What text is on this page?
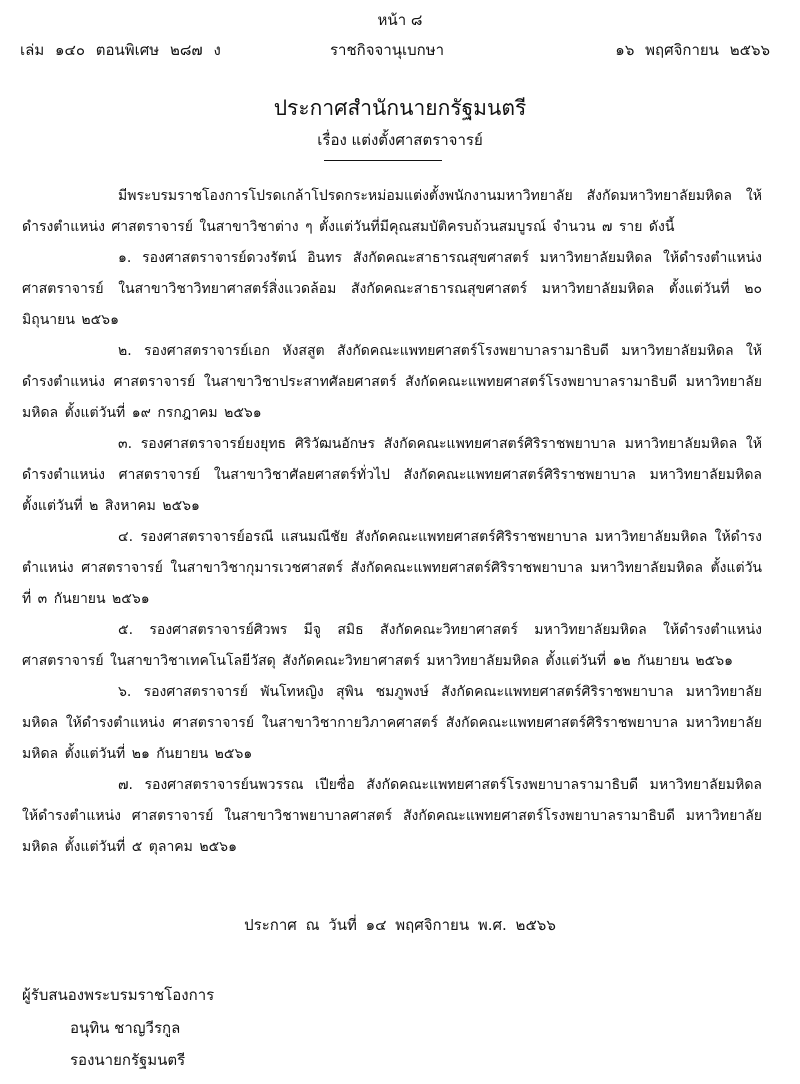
หน้า ๘
เล่ม ๑๔๐ ตอนพิเศษ ๒๘๗ ง	ราชกิจจานุเบกษา	๑๖ พฤศจิกายน ๒๕๖๖
ประกาศสำนักนายกรัฐมนตรี
เรื่อง แต่งตั้งศาสตราจารย์

มีพระบรมราชโองการโปรดเกล้าโปรดกระหม่อมแต่งตั้งพนักงานมหาวิทยาลัย สังกัดมหาวิทยาลัยมหิดล ให้ดำรงตำแหน่ง ศาสตราจารย์ ในสาขาวิชาต่าง ๆ ตั้งแต่วันที่มีคุณสมบัติครบถ้วนสมบูรณ์ จำนวน ๗ ราย ดังนี้

๑. รองศาสตราจารย์ดวงรัตน์ อินทร สังกัดคณะสาธารณสุขศาสตร์ มหาวิทยาลัยมหิดล ให้ดำรงตำแหน่ง ศาสตราจารย์ ในสาขาวิชาวิทยาศาสตร์สิ่งแวดล้อม สังกัดคณะสาธารณสุขศาสตร์ มหาวิทยาลัยมหิดล ตั้งแต่วันที่ ๒๐ มิถุนายน ๒๕๖๑

๒. รองศาสตราจารย์เอก หังสสูต สังกัดคณะแพทยศาสตร์โรงพยาบาลรามาธิบดี มหาวิทยาลัยมหิดล ให้ดำรงตำแหน่ง ศาสตราจารย์ ในสาขาวิชาประสาทศัลยศาสตร์ สังกัดคณะแพทยศาสตร์โรงพยาบาลรามาธิบดี มหาวิทยาลัยมหิดล ตั้งแต่วันที่ ๑๙ กรกฎาคม ๒๕๖๑

๓. รองศาสตราจารย์ยงยุทธ ศิริวัฒนอักษร สังกัดคณะแพทยศาสตร์ศิริราชพยาบาล มหาวิทยาลัยมหิดล ให้ดำรงตำแหน่ง ศาสตราจารย์ ในสาขาวิชาศัลยศาสตร์ทั่วไป สังกัดคณะแพทยศาสตร์ศิริราชพยาบาล มหาวิทยาลัยมหิดล ตั้งแต่วันที่ ๒ สิงหาคม ๒๕๖๑

๔. รองศาสตราจารย์อรณี แสนมณีชัย สังกัดคณะแพทยศาสตร์ศิริราชพยาบาล มหาวิทยาลัยมหิดล ให้ดำรงตำแหน่ง ศาสตราจารย์ ในสาขาวิชากุมารเวชศาสตร์ สังกัดคณะแพทยศาสตร์ศิริราชพยาบาล มหาวิทยาลัยมหิดล ตั้งแต่วันที่ ๓ กันยายน ๒๕๖๑

๕. รองศาสตราจารย์ศิวพร มีจู สมิธ สังกัดคณะวิทยาศาสตร์ มหาวิทยาลัยมหิดล ให้ดำรงตำแหน่ง ศาสตราจารย์ ในสาขาวิชาเทคโนโลยีวัสดุ สังกัดคณะวิทยาศาสตร์ มหาวิทยาลัยมหิดล ตั้งแต่วันที่ ๑๒ กันยายน ๒๕๖๑

๖. รองศาสตราจารย์ พันโทหญิง สุพิน ชมภูพงษ์ สังกัดคณะแพทยศาสตร์ศิริราชพยาบาล มหาวิทยาลัยมหิดล ให้ดำรงตำแหน่ง ศาสตราจารย์ ในสาขาวิชากายวิภาคศาสตร์ สังกัดคณะแพทยศาสตร์ศิริราชพยาบาล มหาวิทยาลัยมหิดล ตั้งแต่วันที่ ๒๑ กันยายน ๒๕๖๑

๗. รองศาสตราจารย์นพวรรณ เปียซื่อ สังกัดคณะแพทยศาสตร์โรงพยาบาลรามาธิบดี มหาวิทยาลัยมหิดล ให้ดำรงตำแหน่ง ศาสตราจารย์ ในสาขาวิชาพยาบาลศาสตร์ สังกัดคณะแพทยศาสตร์โรงพยาบาลรามาธิบดี มหาวิทยาลัยมหิดล ตั้งแต่วันที่ ๕ ตุลาคม ๒๕๖๑

ประกาศ ณ วันที่ ๑๔ พฤศจิกายน พ.ศ. ๒๕๖๖
ผู้รับสนองพระบรมราชโองการ
อนุทิน ชาญวีรกูล
รองนายกรัฐมนตรี
